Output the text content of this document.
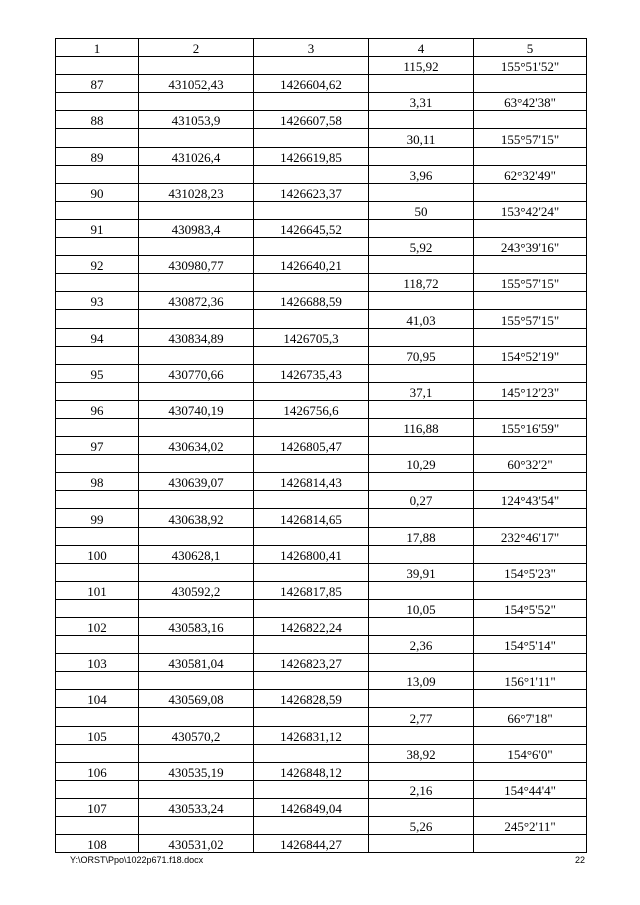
1	2	3	4	5
			115,92	155°51'52"
87	431052,43	1426604,62		
			3,31	63°42'38"
88	431053,9	1426607,58		
			30,11	155°57'15"
89	431026,4	1426619,85		
			3,96	62°32'49"
90	431028,23	1426623,37		
			50	153°42'24"
91	430983,4	1426645,52		
			5,92	243°39'16"
92	430980,77	1426640,21		
			118,72	155°57'15"
93	430872,36	1426688,59		
			41,03	155°57'15"
94	430834,89	1426705,3		
			70,95	154°52'19"
95	430770,66	1426735,43		
			37,1	145°12'23"
96	430740,19	1426756,6		
			116,88	155°16'59"
97	430634,02	1426805,47		
			10,29	60°32'2"
98	430639,07	1426814,43		
			0,27	124°43'54"
99	430638,92	1426814,65		
			17,88	232°46'17"
100	430628,1	1426800,41		
			39,91	154°5'23"
101	430592,2	1426817,85		
			10,05	154°5'52"
102	430583,16	1426822,24		
			2,36	154°5'14"
103	430581,04	1426823,27		
			13,09	156°1'11"
104	430569,08	1426828,59		
			2,77	66°7'18"
105	430570,2	1426831,12		
			38,92	154°6'0"
106	430535,19	1426848,12		
			2,16	154°44'4"
107	430533,24	1426849,04		
			5,26	245°2'11"
108	430531,02	1426844,27		
Y:\ORST\Ppo\1022p671.f18.docx	22
